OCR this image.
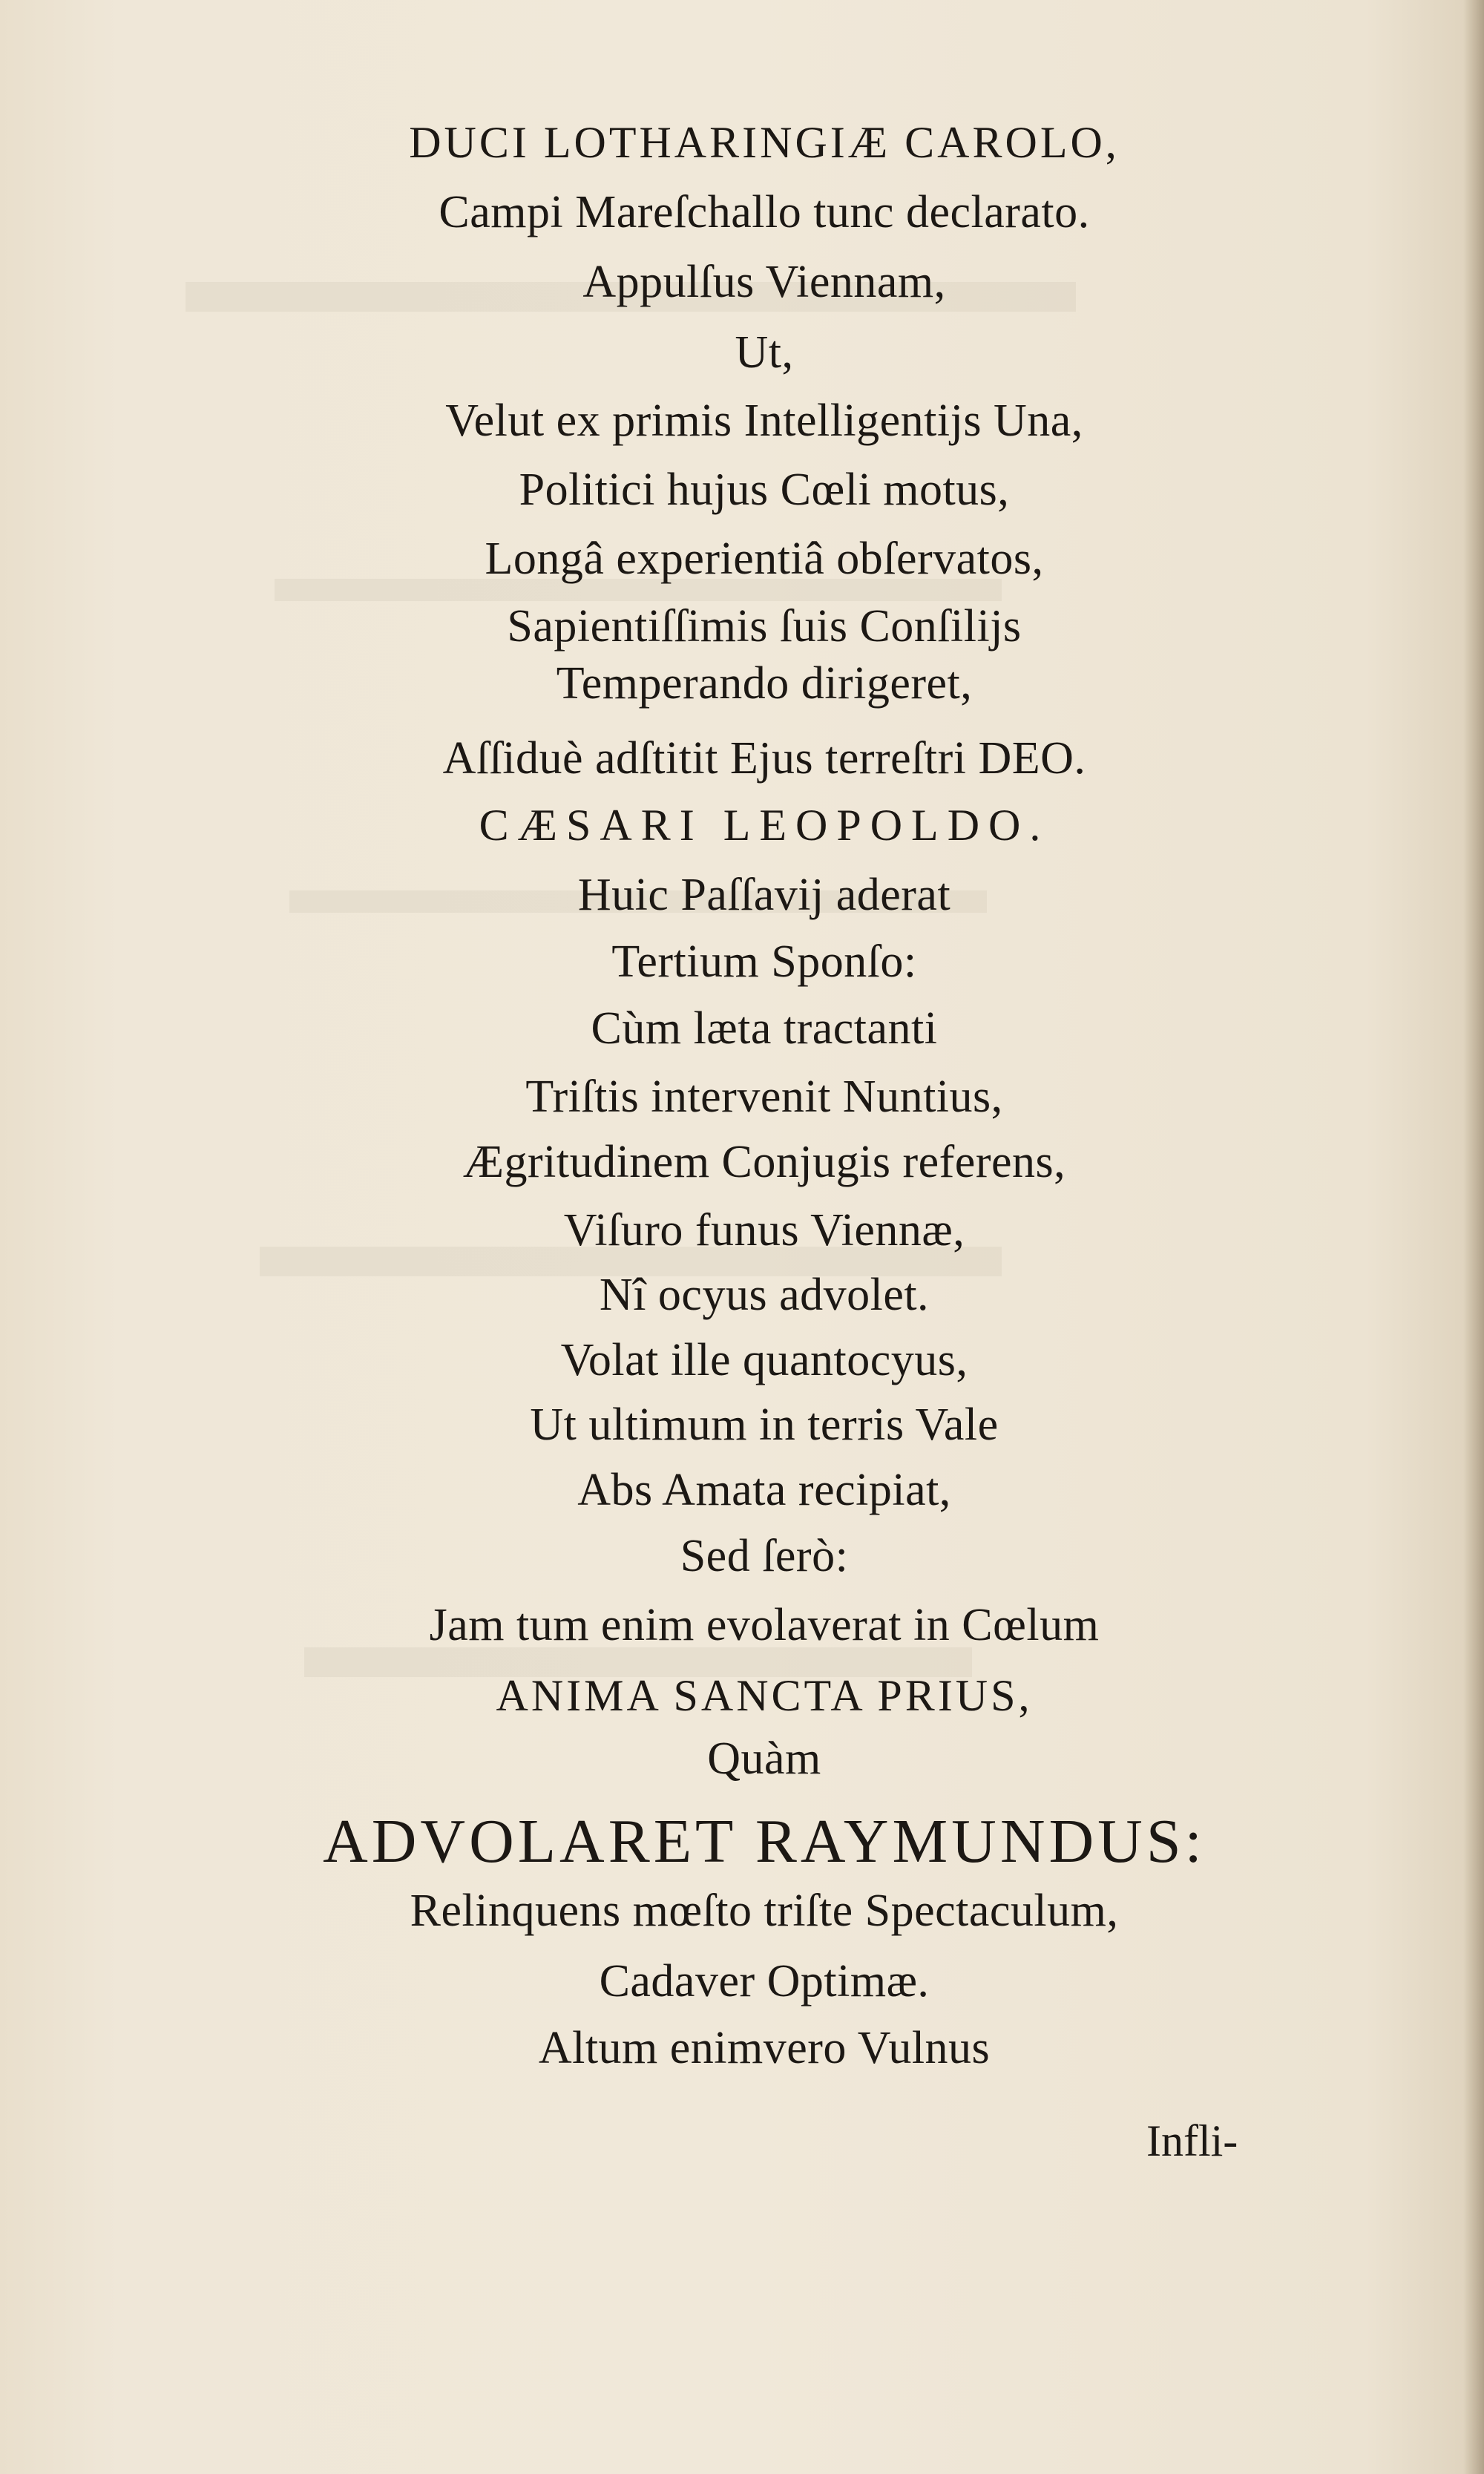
DUCI LOTHARINGIÆ CAROLO,
Campi Mareſchallo tunc declarato.
Appulſus Viennam,
Ut,
Velut ex primis Intelligentijs Una,
Politici hujus Cœli motus,
Longâ experientiâ obſervatos,
Sapientiſſimis ſuis Conſilijs
Temperando dirigeret,
Aſſiduè adſtitit Ejus terreſtri DEO.
CÆSARI LEOPOLDO.
Huic Paſſavij aderat
Tertium Sponſo:
Cùm læta tractanti
Triſtis intervenit Nuntius,
Ægritudinem Conjugis referens,
Viſuro funus Viennæ,
Nî ocyus advolet.
Volat ille quantocyus,
Ut ultimum in terris Vale
Abs Amata recipiat,
Sed ſerò:
Jam tum enim evolaverat in Cœlum
ANIMA SANCTA PRIUS,
Quàm
ADVOLARET RAYMUNDUS:
Relinquens mœſto triſte Spectaculum,
Cadaver Optimæ.
Altum enimvero Vulnus
Infli-
